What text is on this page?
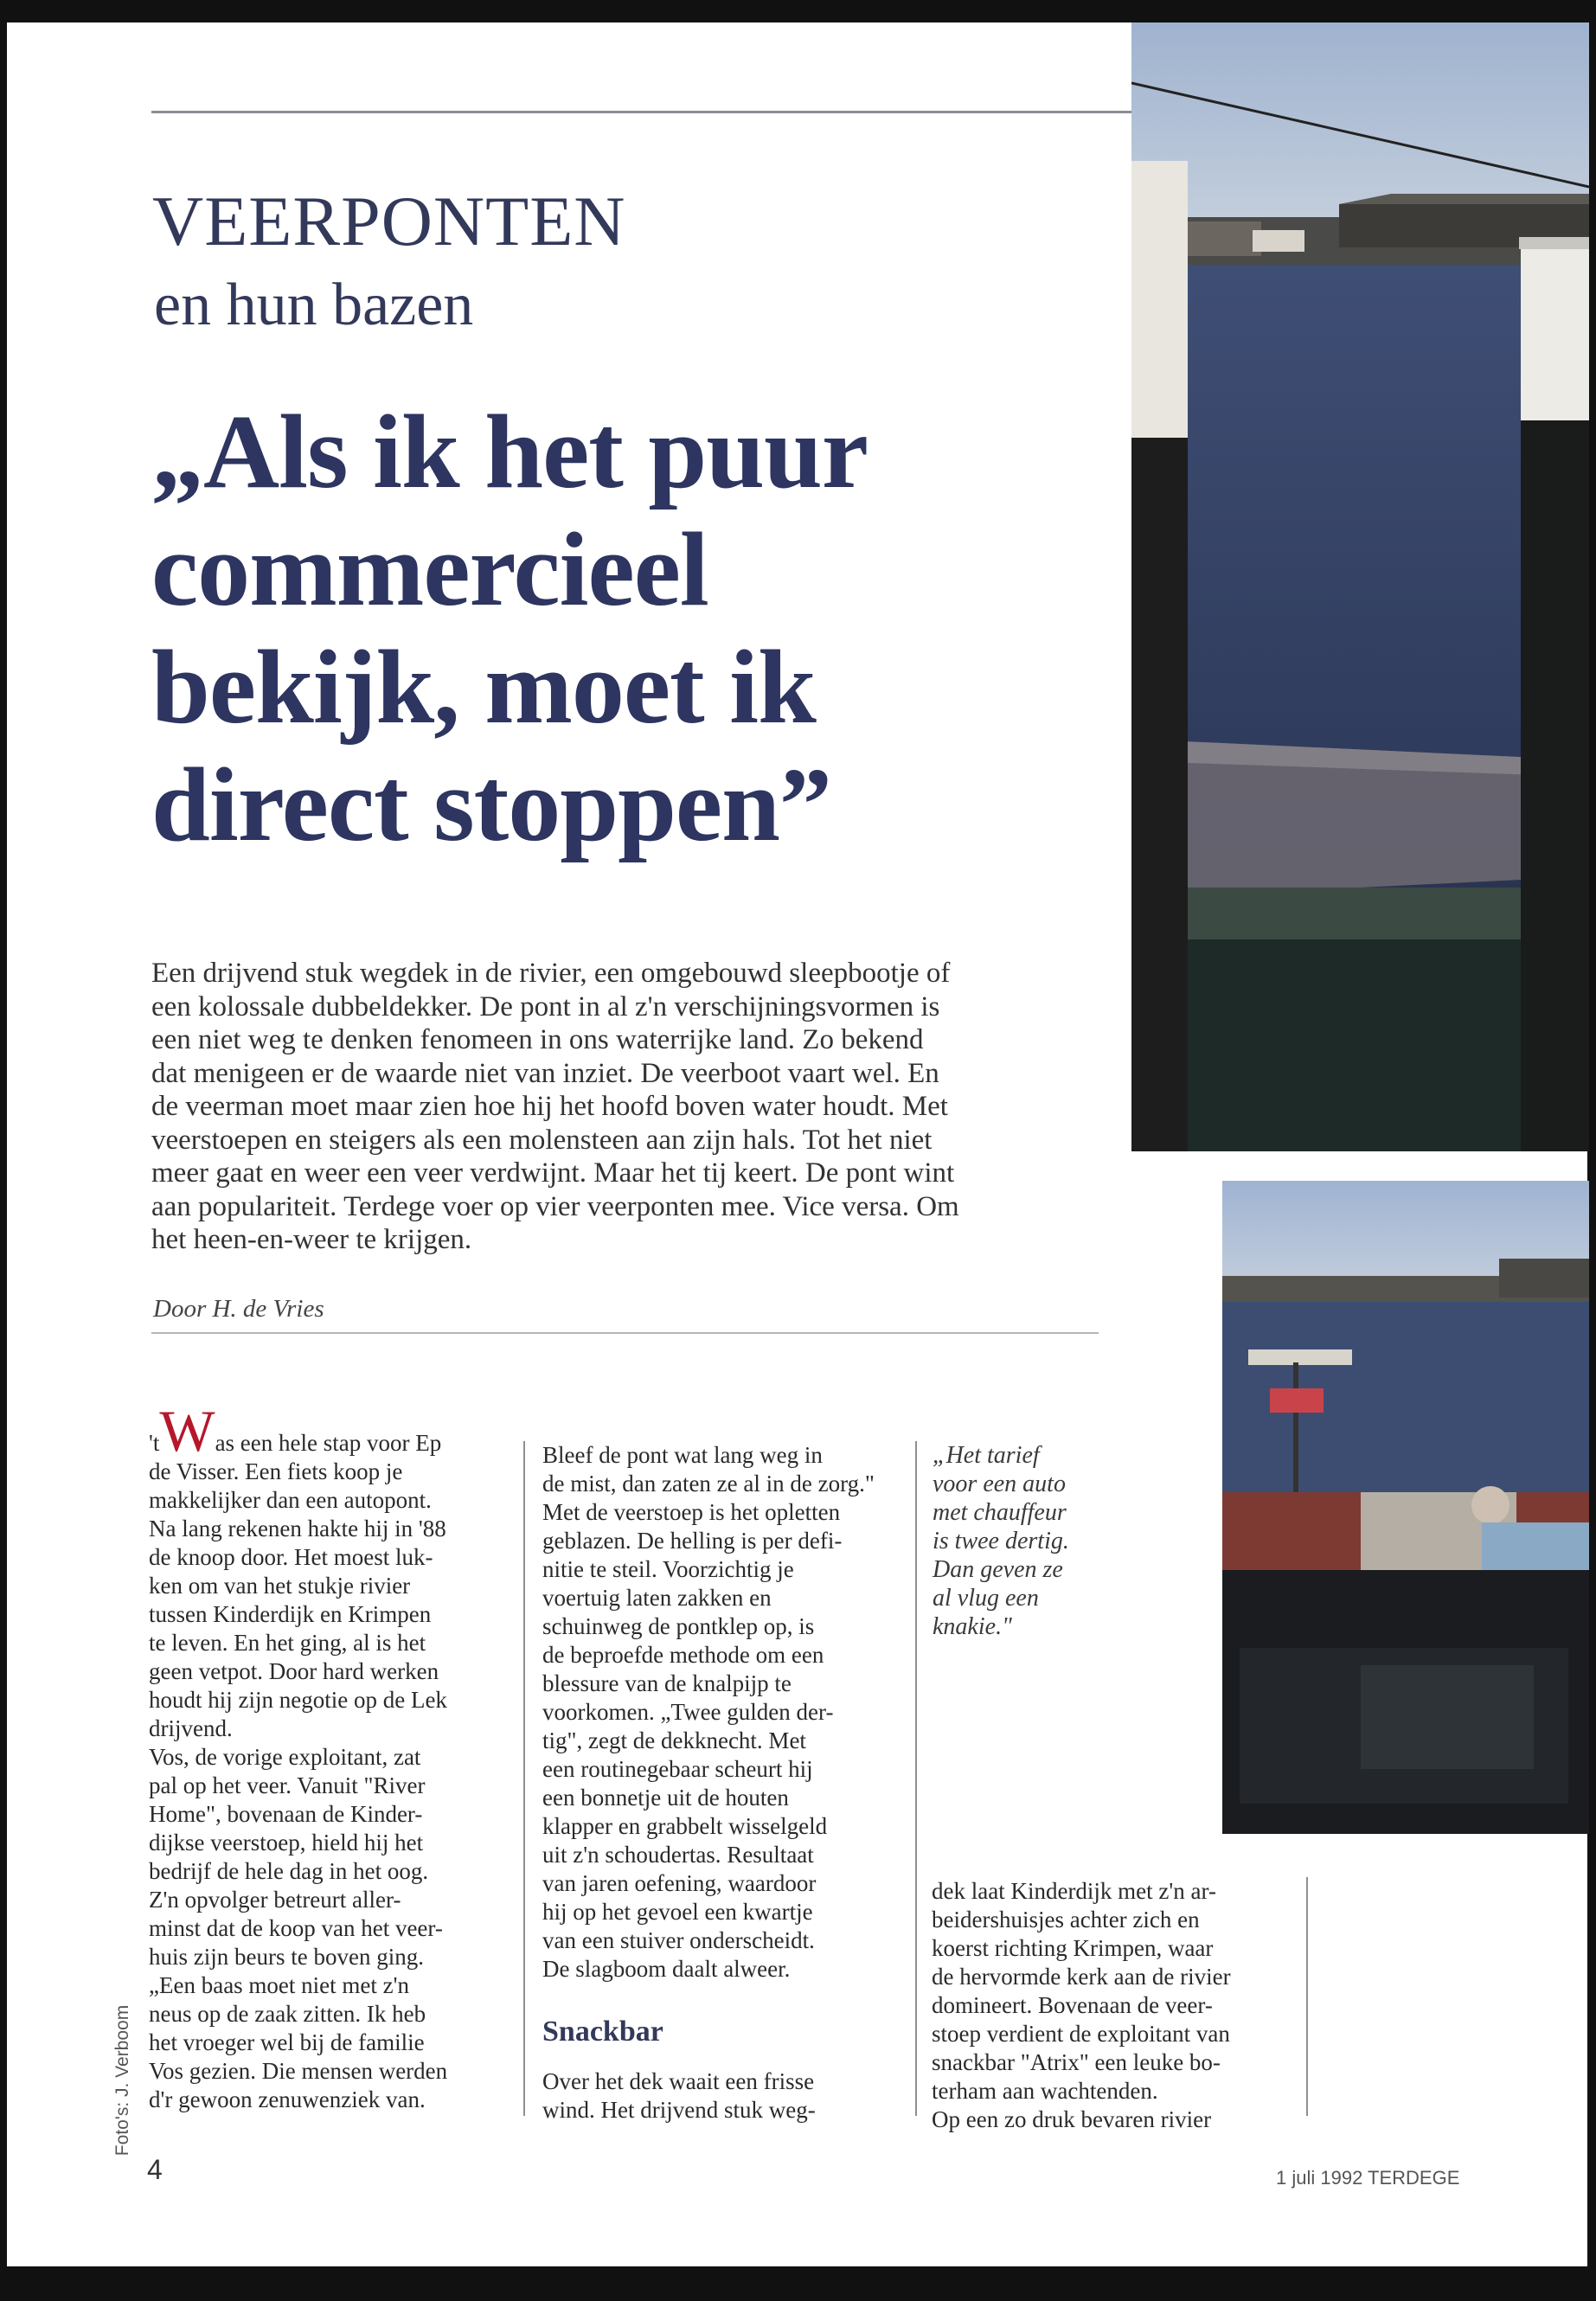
VEERPONTEN
en hun bazen
„Als ik het puur
commercieel
bekijk, moet ik
direct stoppen”
Een drijvend stuk wegdek in de rivier, een omgebouwd sleepbootje of
een kolossale dubbeldekker. De pont in al z'n verschijningsvormen is
een niet weg te denken fenomeen in ons waterrijke land. Zo bekend
dat menigeen er de waarde niet van inziet. De veerboot vaart wel. En
de veerman moet maar zien hoe hij het hoofd boven water houdt. Met
veerstoepen en steigers als een molensteen aan zijn hals. Tot het niet
meer gaat en weer een veer verdwijnt. Maar het tij keert. De pont wint
aan populariteit. Terdege voer op vier veerponten mee. Vice versa. Om
het heen-en-weer te krijgen.
Door H. de Vries
'tWas een hele stap voor Ep
de Visser. Een fiets koop je
makkelijker dan een autopont.
Na lang rekenen hakte hij in '88
de knoop door. Het moest luk-
ken om van het stukje rivier
tussen Kinderdijk en Krimpen
te leven. En het ging, al is het
geen vetpot. Door hard werken
houdt hij zijn negotie op de Lek
drijvend.
Vos, de vorige exploitant, zat
pal op het veer. Vanuit "River
Home", bovenaan de Kinder-
dijkse veerstoep, hield hij het
bedrijf de hele dag in het oog.
Z'n opvolger betreurt aller-
minst dat de koop van het veer-
huis zijn beurs te boven ging.
„Een baas moet niet met z'n
neus op de zaak zitten. Ik heb
het vroeger wel bij de familie
Vos gezien. Die mensen werden
d'r gewoon zenuwenziek van.
Bleef de pont wat lang weg in
de mist, dan zaten ze al in de zorg."
Met de veerstoep is het opletten
geblazen. De helling is per defi-
nitie te steil. Voorzichtig je
voertuig laten zakken en
schuinweg de pontklep op, is
de beproefde methode om een
blessure van de knalpijp te
voorkomen. „Twee gulden der-
tig", zegt de dekknecht. Met
een routinegebaar scheurt hij
een bonnetje uit de houten
klapper en grabbelt wisselgeld
uit z'n schoudertas. Resultaat
van jaren oefening, waardoor
hij op het gevoel een kwartje
van een stuiver onderscheidt.
De slagboom daalt alweer.
Snackbar
Over het dek waait een frisse
wind. Het drijvend stuk weg-
„Het tarief
voor een auto
met chauffeur
is twee dertig.
Dan geven ze
al vlug een
knakie."
dek laat Kinderdijk met z'n ar-
beidershuisjes achter zich en
koerst richting Krimpen, waar
de hervormde kerk aan de rivier
domineert. Bovenaan de veer-
stoep verdient de exploitant van
snackbar "Atrix" een leuke bo-
terham aan wachtenden.
Op een zo druk bevaren rivier
Foto's: J. Verboom
4	1 juli 1992 TERDEGE
